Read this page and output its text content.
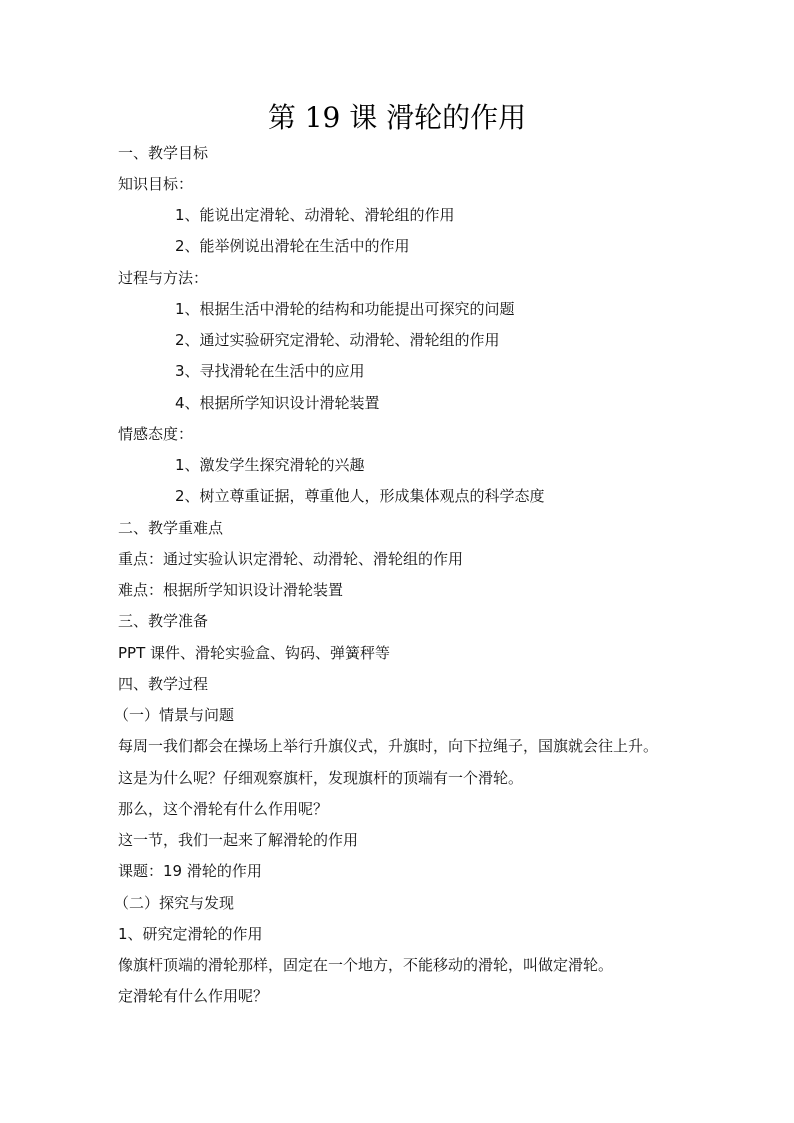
第 19 课 滑轮的作用
一、教学目标
知识目标：
1、能说出定滑轮、动滑轮、滑轮组的作用
2、能举例说出滑轮在生活中的作用
过程与方法：
1、根据生活中滑轮的结构和功能提出可探究的问题
2、通过实验研究定滑轮、动滑轮、滑轮组的作用
3、寻找滑轮在生活中的应用
4、根据所学知识设计滑轮装置
情感态度：
1、激发学生探究滑轮的兴趣
2、树立尊重证据，尊重他人，形成集体观点的科学态度
二、教学重难点
重点：通过实验认识定滑轮、动滑轮、滑轮组的作用
难点：根据所学知识设计滑轮装置
三、教学准备
PPT 课件、滑轮实验盒、钩码、弹簧秤等
四、教学过程
（一）情景与问题
每周一我们都会在操场上举行升旗仪式，升旗时，向下拉绳子，国旗就会往上升。
这是为什么呢？仔细观察旗杆，发现旗杆的顶端有一个滑轮。
那么，这个滑轮有什么作用呢？
这一节，我们一起来了解滑轮的作用
课题：19 滑轮的作用
（二）探究与发现
1、研究定滑轮的作用
像旗杆顶端的滑轮那样，固定在一个地方，不能移动的滑轮，叫做定滑轮。
定滑轮有什么作用呢？
